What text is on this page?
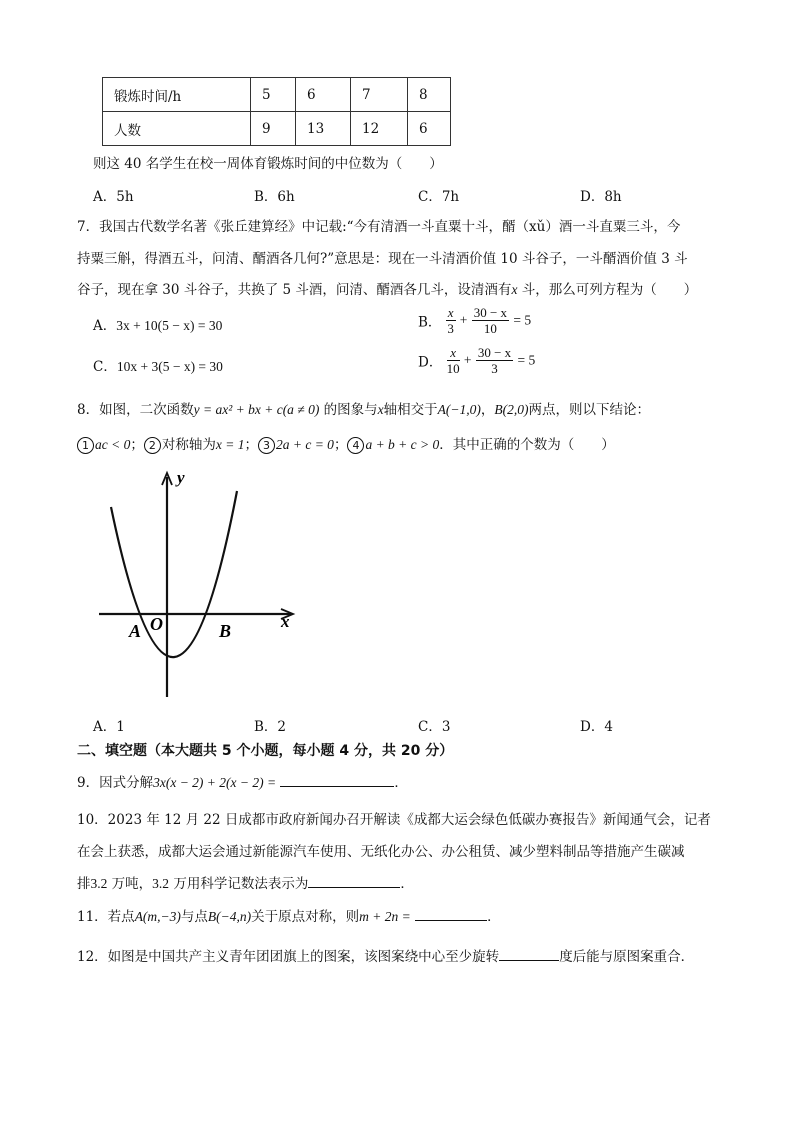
锻炼时间/h	5	6	7	8
人数	9	13	12	6
则这 40 名学生在校一周体育锻炼时间的中位数为（　　）
A．5h	B．6h	C．7h	D．8h
7．我国古代数学名著《张丘建算经》中记载:“今有清酒一斗直粟十斗，醑（xǔ）酒一斗直粟三斗，今
持粟三斛，得酒五斗，问清、醑酒各几何?”意思是：现在一斗清酒价值 10 斗谷子，一斗醑酒价值 3 斗
谷子，现在拿 30 斗谷子，共换了 5 斗酒，问清、醑酒各几斗，设清酒有x 斗，那么可列方程为（　　）
A．3x + 10(5 − x) = 30	B． $\frac{x}{3} + \frac{30 - x}{10} = 5$
C．10x + 3(5 − x) = 30	D． $\frac{x}{10} + \frac{30 - x}{3} = 5$
8．如图，二次函数y = ax² + bx + c(a ≠ 0) 的图象与x轴相交于A(−1,0)，B(2,0)两点，则以下结论：
1 ac < 0； 2 对称轴为x = 1； 3 2a + c = 0； 4 a + b + c > 0．其中正确的个数为（　　）
y
x
A O	B
A．1	B．2	C．3	D．4
二、填空题（本大题共 5 个小题，每小题 4 分，共 20 分）
9．因式分解3x(x − 2) + 2(x − 2) =	．
10．2023 年 12 月 22 日成都市政府新闻办召开解读《成都大运会绿色低碳办赛报告》新闻通气会，记者
在会上获悉，成都大运会通过新能源汽车使用、无纸化办公、办公租赁、减少塑料制品等措施产生碳减
排3.2 万吨，3.2 万用科学记数法表示为	．
11．若点A(m,−3)与点B(−4,n)关于原点对称，则m + 2n =	．
12．如图是中国共产主义青年团团旗上的图案，该图案绕中心至少旋转	度后能与原图案重合．
